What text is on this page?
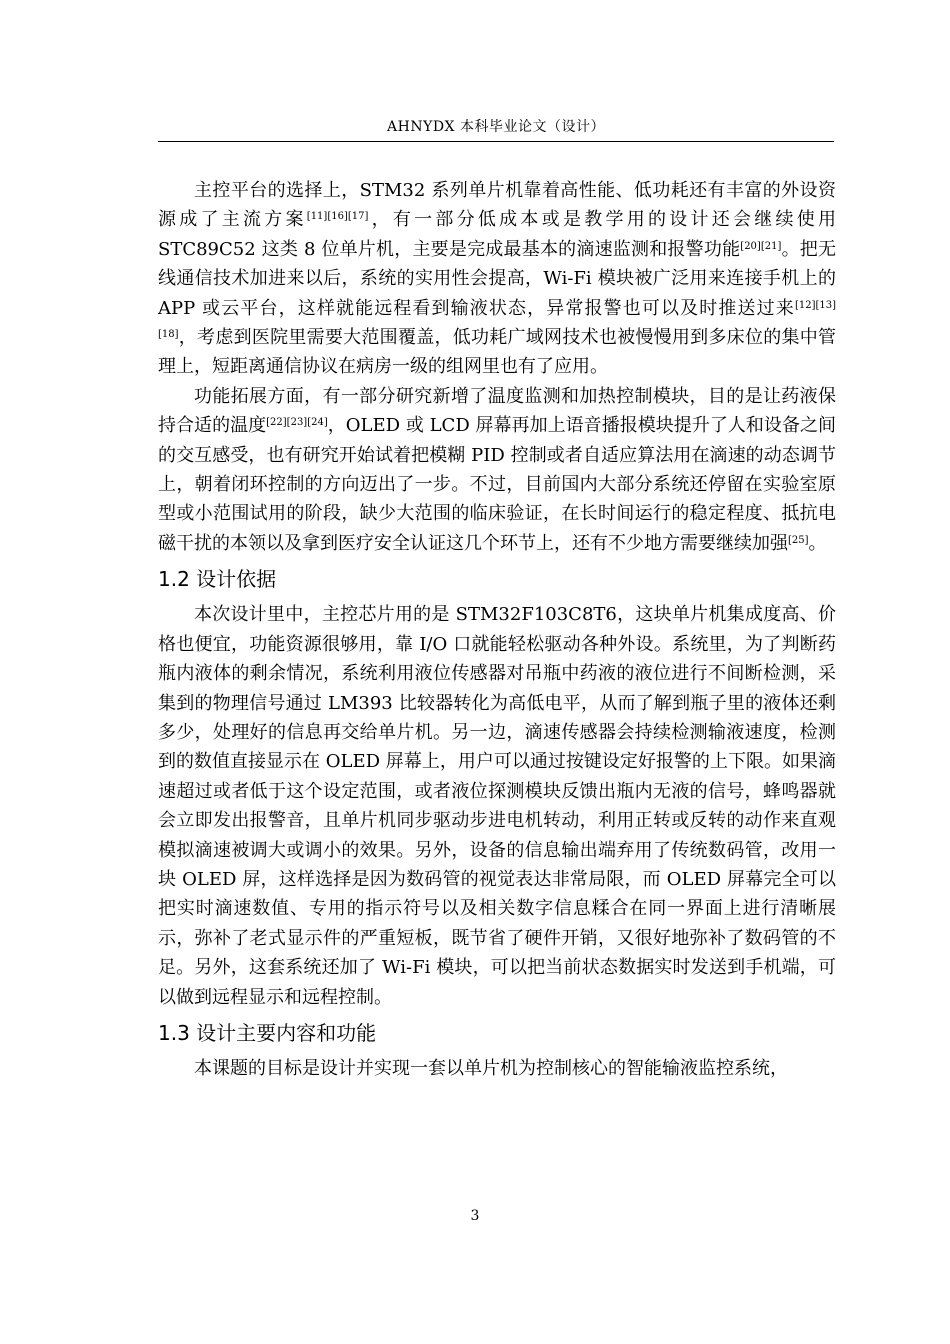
AHNYDX 本科毕业论文（设计）

主控平台的选择上，STM32 系列单片机靠着高性能、低功耗还有丰富的外设资源成了主流方案[11][16][17]，有一部分低成本或是教学用的设计还会继续使用 STC89C52 这类 8 位单片机，主要是完成最基本的滴速监测和报警功能[20][21]。把无线通信技术加进来以后，系统的实用性会提高，Wi-Fi 模块被广泛用来连接手机上的 APP 或云平台，这样就能远程看到输液状态，异常报警也可以及时推送过来[12][13][18]，考虑到医院里需要大范围覆盖，低功耗广域网技术也被慢慢用到多床位的集中管理上，短距离通信协议在病房一级的组网里也有了应用。

功能拓展方面，有一部分研究新增了温度监测和加热控制模块，目的是让药液保持合适的温度[22][23][24]，OLED 或 LCD 屏幕再加上语音播报模块提升了人和设备之间的交互感受，也有研究开始试着把模糊 PID 控制或者自适应算法用在滴速的动态调节上，朝着闭环控制的方向迈出了一步。不过，目前国内大部分系统还停留在实验室原型或小范围试用的阶段，缺少大范围的临床验证，在长时间运行的稳定程度、抵抗电磁干扰的本领以及拿到医疗安全认证这几个环节上，还有不少地方需要继续加强[25]。

1.2 设计依据

本次设计里中，主控芯片用的是 STM32F103C8T6，这块单片机集成度高、价格也便宜，功能资源很够用，靠 I/O 口就能轻松驱动各种外设。系统里，为了判断药瓶内液体的剩余情况，系统利用液位传感器对吊瓶中药液的液位进行不间断检测，采集到的物理信号通过 LM393 比较器转化为高低电平，从而了解到瓶子里的液体还剩多少，处理好的信息再交给单片机。另一边，滴速传感器会持续检测输液速度，检测到的数值直接显示在 OLED 屏幕上，用户可以通过按键设定好报警的上下限。如果滴速超过或者低于这个设定范围，或者液位探测模块反馈出瓶内无液的信号，蜂鸣器就会立即发出报警音，且单片机同步驱动步进电机转动，利用正转或反转的动作来直观模拟滴速被调大或调小的效果。另外，设备的信息输出端弃用了传统数码管，改用一块 OLED 屏，这样选择是因为数码管的视觉表达非常局限，而 OLED 屏幕完全可以把实时滴速数值、专用的指示符号以及相关数字信息糅合在同一界面上进行清晰展示，弥补了老式显示件的严重短板，既节省了硬件开销，又很好地弥补了数码管的不足。另外，这套系统还加了 Wi-Fi 模块，可以把当前状态数据实时发送到手机端，可以做到远程显示和远程控制。

1.3 设计主要内容和功能

本课题的目标是设计并实现一套以单片机为控制核心的智能输液监控系统，

3
